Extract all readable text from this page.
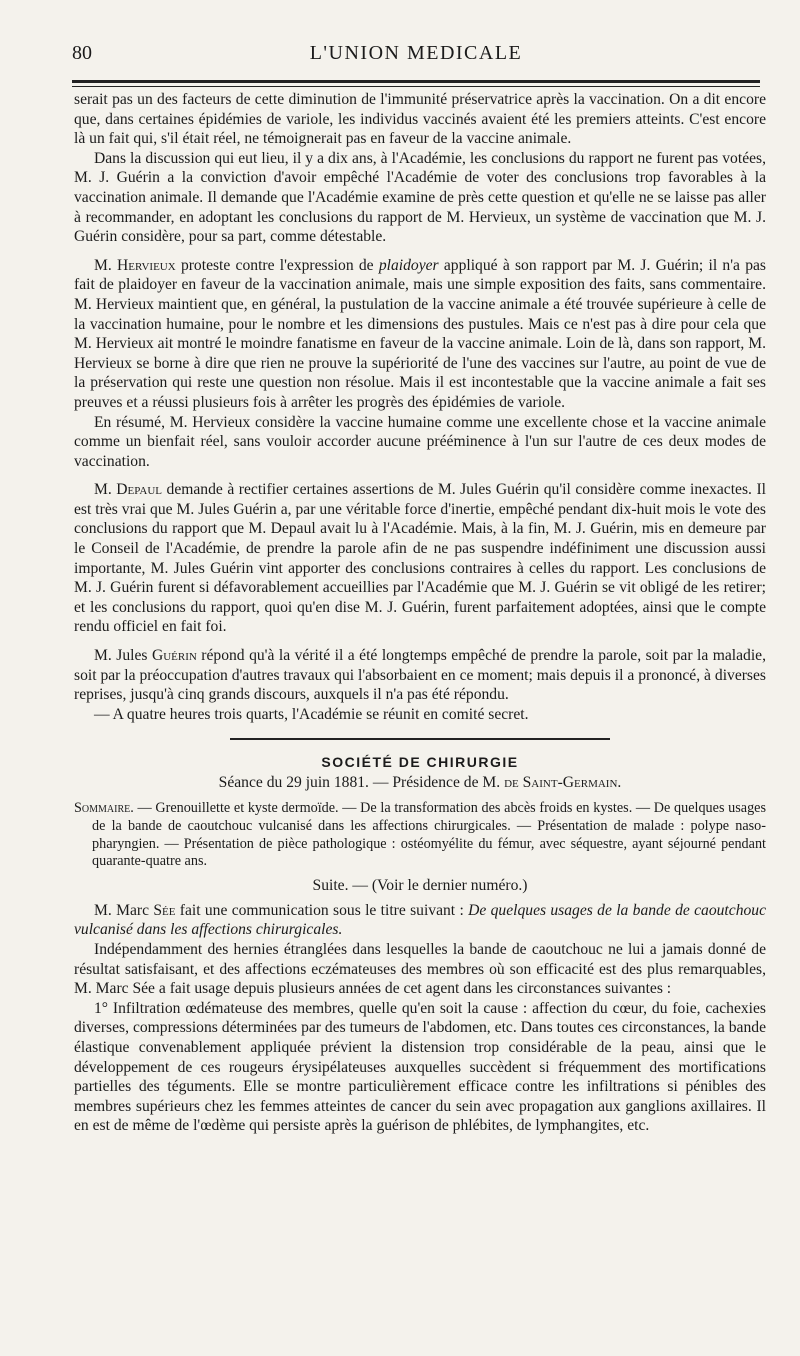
80	L'UNION MEDICALE

serait pas un des facteurs de cette diminution de l'immunité préservatrice après la vaccination. On a dit encore que, dans certaines épidémies de variole, les individus vaccinés avaient été les premiers atteints. C'est encore là un fait qui, s'il était réel, ne témoignerait pas en faveur de la vaccine animale.

Dans la discussion qui eut lieu, il y a dix ans, à l'Académie, les conclusions du rapport ne furent pas votées, M. J. Guérin a la conviction d'avoir empêché l'Académie de voter des conclusions trop favorables à la vaccination animale. Il demande que l'Académie examine de près cette question et qu'elle ne se laisse pas aller à recommander, en adoptant les conclusions du rapport de M. Hervieux, un système de vaccination que M. J. Guérin considère, pour sa part, comme détestable.

M. Hervieux proteste contre l'expression de plaidoyer appliqué à son rapport par M. J. Guérin; il n'a pas fait de plaidoyer en faveur de la vaccination animale, mais une simple exposition des faits, sans commentaire. M. Hervieux maintient que, en général, la pustulation de la vaccine animale a été trouvée supérieure à celle de la vaccination humaine, pour le nombre et les dimensions des pustules. Mais ce n'est pas à dire pour cela que M. Hervieux ait montré le moindre fanatisme en faveur de la vaccine animale. Loin de là, dans son rapport, M. Hervieux se borne à dire que rien ne prouve la supériorité de l'une des vaccines sur l'autre, au point de vue de la préservation qui reste une question non résolue. Mais il est incontestable que la vaccine animale a fait ses preuves et a réussi plusieurs fois à arrêter les progrès des épidémies de variole.

En résumé, M. Hervieux considère la vaccine humaine comme une excellente chose et la vaccine animale comme un bienfait réel, sans vouloir accorder aucune prééminence à l'un sur l'autre de ces deux modes de vaccination.

M. Depaul demande à rectifier certaines assertions de M. Jules Guérin qu'il considère comme inexactes. Il est très vrai que M. Jules Guérin a, par une véritable force d'inertie, empêché pendant dix-huit mois le vote des conclusions du rapport que M. Depaul avait lu à l'Académie. Mais, à la fin, M. J. Guérin, mis en demeure par le Conseil de l'Académie, de prendre la parole afin de ne pas suspendre indéfiniment une discussion aussi importante, M. Jules Guérin vint apporter des conclusions contraires à celles du rapport. Les conclusions de M. J. Guérin furent si défavorablement accueillies par l'Académie que M. J. Guérin se vit obligé de les retirer; et les conclusions du rapport, quoi qu'en dise M. J. Guérin, furent parfaitement adoptées, ainsi que le compte rendu officiel en fait foi.

M. Jules Guérin répond qu'à la vérité il a été longtemps empêché de prendre la parole, soit par la maladie, soit par la préoccupation d'autres travaux qui l'absorbaient en ce moment; mais depuis il a prononcé, à diverses reprises, jusqu'à cinq grands discours, auxquels il n'a pas été répondu.

— A quatre heures trois quarts, l'Académie se réunit en comité secret.

SOCIÉTÉ DE CHIRURGIE
Séance du 29 juin 1881. — Présidence de M. de Saint-Germain.
Sommaire. — Grenouillette et kyste dermoïde. — De la transformation des abcès froids en kystes. — De quelques usages de la bande de caoutchouc vulcanisé dans les affections chirurgicales. — Présentation de malade : polype naso-pharyngien. — Présentation de pièce pathologique : ostéomyélite du fémur, avec séquestre, ayant séjourné pendant quarante-quatre ans.
Suite. — (Voir le dernier numéro.)

M. Marc Sée fait une communication sous le titre suivant : De quelques usages de la bande de caoutchouc vulcanisé dans les affections chirurgicales.

Indépendamment des hernies étranglées dans lesquelles la bande de caoutchouc ne lui a jamais donné de résultat satisfaisant, et des affections eczémateuses des membres où son efficacité est des plus remarquables, M. Marc Sée a fait usage depuis plusieurs années de cet agent dans les circonstances suivantes :

1° Infiltration œdémateuse des membres, quelle qu'en soit la cause : affection du cœur, du foie, cachexies diverses, compressions déterminées par des tumeurs de l'abdomen, etc. Dans toutes ces circonstances, la bande élastique convenablement appliquée prévient la distension trop considérable de la peau, ainsi que le développement de ces rougeurs érysipélateuses auxquelles succèdent si fréquemment des mortifications partielles des téguments. Elle se montre particulièrement efficace contre les infiltrations si pénibles des membres supérieurs chez les femmes atteintes de cancer du sein avec propagation aux ganglions axillaires. Il en est de même de l'œdème qui persiste après la guérison de phlébites, de lymphangites, etc.
